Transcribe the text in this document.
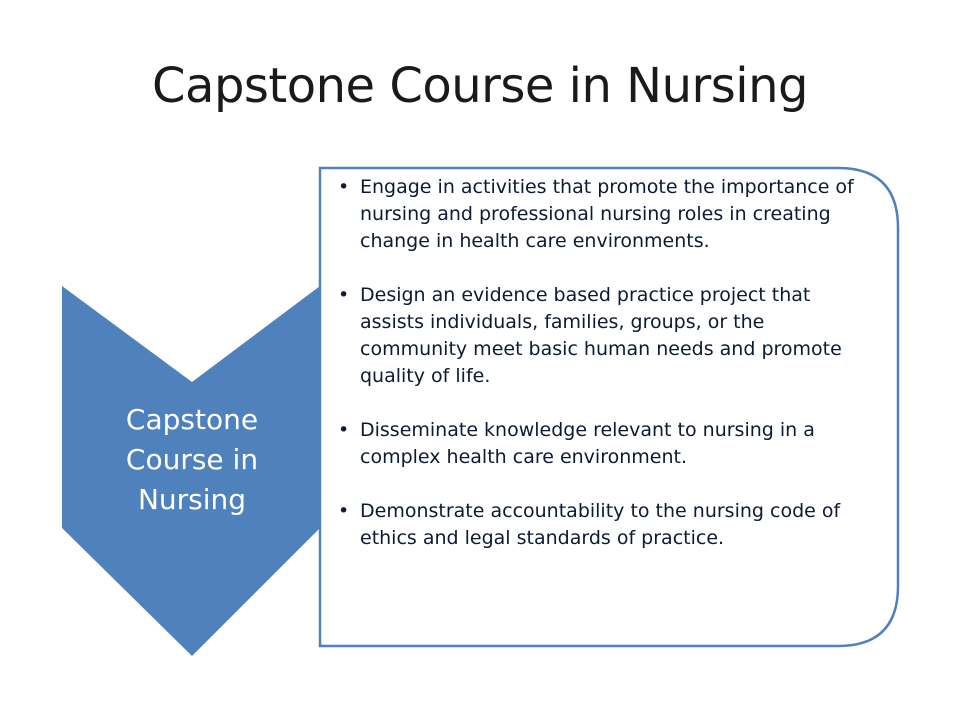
Capstone Course in Nursing
Capstone Course in Nursing
• Engage in activities that promote the importance of nursing and professional nursing roles in creating change in health care environments.
• Design an evidence based practice project that assists individuals, families, groups, or the community meet basic human needs and promote quality of life.
• Disseminate knowledge relevant to nursing in a complex health care environment.
• Demonstrate accountability to the nursing code of ethics and legal standards of practice.
